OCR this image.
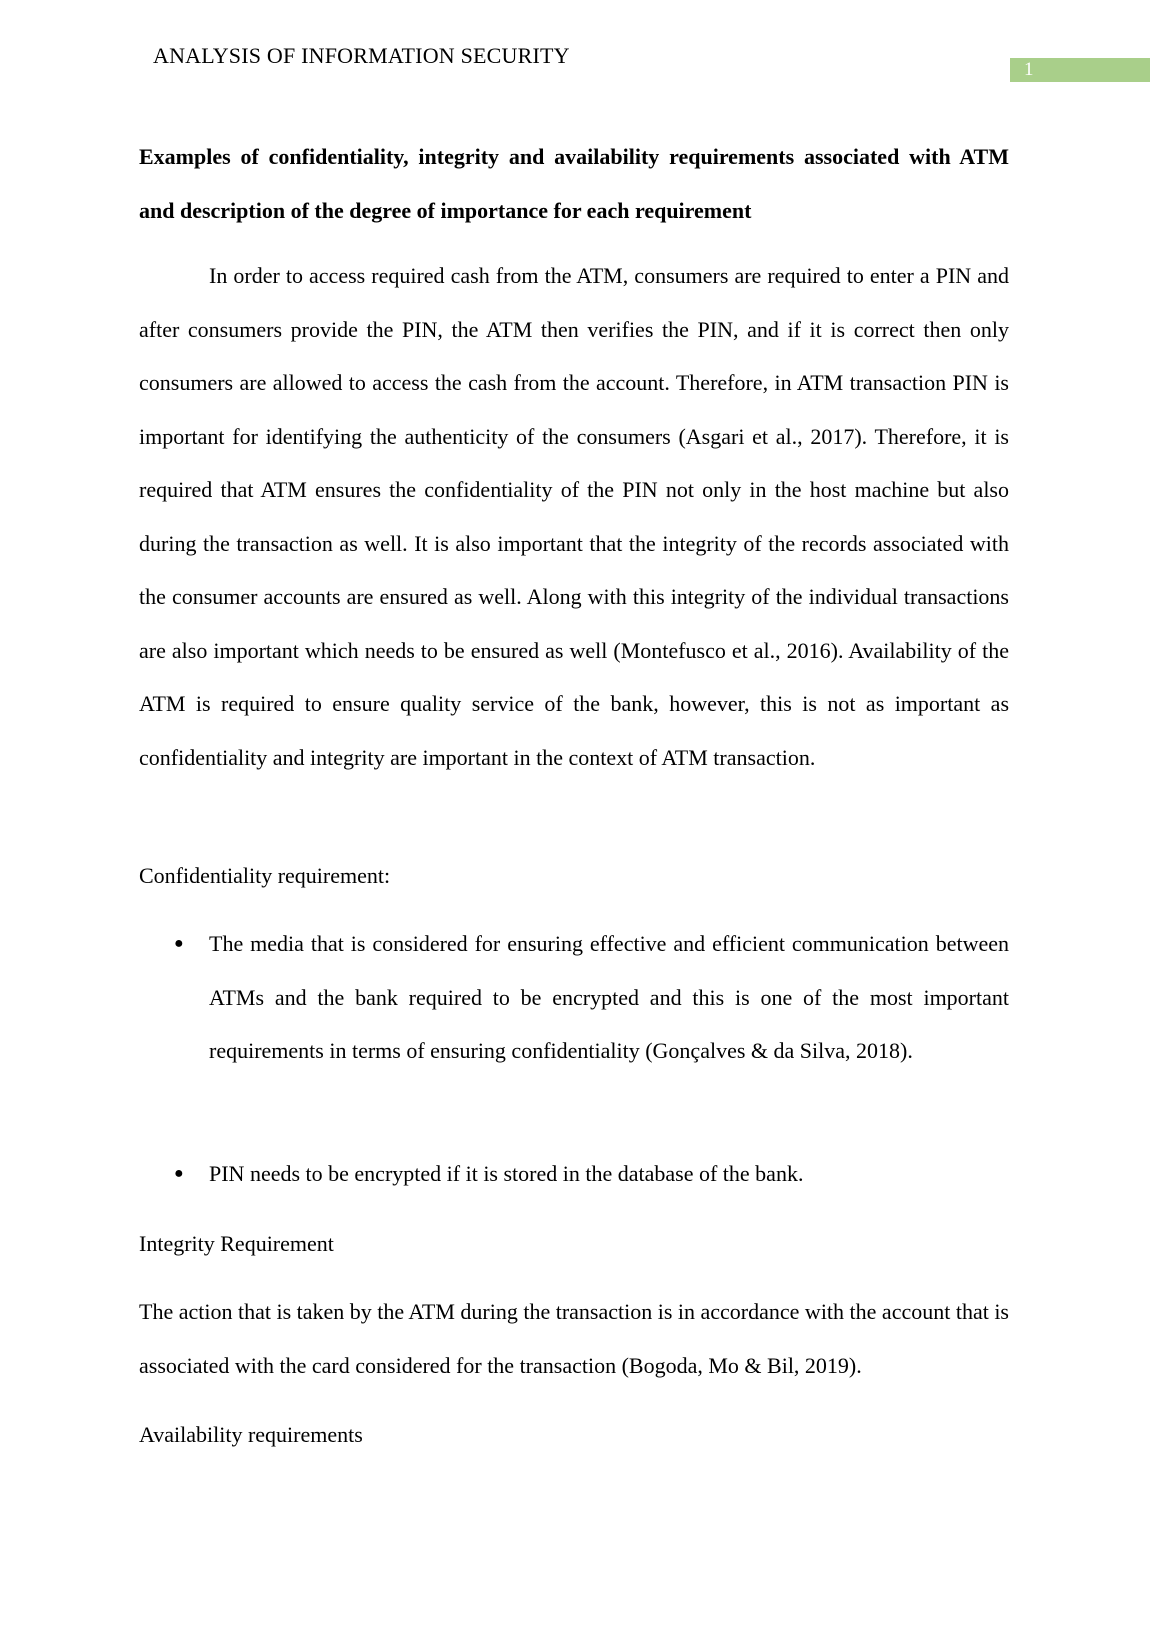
ANALYSIS OF INFORMATION SECURITY
1
Examples of confidentiality, integrity and availability requirements associated with ATM and description of the degree of importance for each requirement
In order to access required cash from the ATM, consumers are required to enter a PIN and after consumers provide the PIN, the ATM then verifies the PIN, and if it is correct then only consumers are allowed to access the cash from the account. Therefore, in ATM transaction PIN is important for identifying the authenticity of the consumers (Asgari et al., 2017). Therefore, it is required that ATM ensures the confidentiality of the PIN not only in the host machine but also during the transaction as well. It is also important that the integrity of the records associated with the consumer accounts are ensured as well. Along with this integrity of the individual transactions are also important which needs to be ensured as well (Montefusco et al., 2016). Availability of the ATM is required to ensure quality service of the bank, however, this is not as important as confidentiality and integrity are important in the context of ATM transaction.
Confidentiality requirement:
● The media that is considered for ensuring effective and efficient communication between ATMs and the bank required to be encrypted and this is one of the most important requirements in terms of ensuring confidentiality (Gonçalves & da Silva, 2018).
● PIN needs to be encrypted if it is stored in the database of the bank.
Integrity Requirement
The action that is taken by the ATM during the transaction is in accordance with the account that is associated with the card considered for the transaction (Bogoda, Mo & Bil, 2019).
Availability requirements
